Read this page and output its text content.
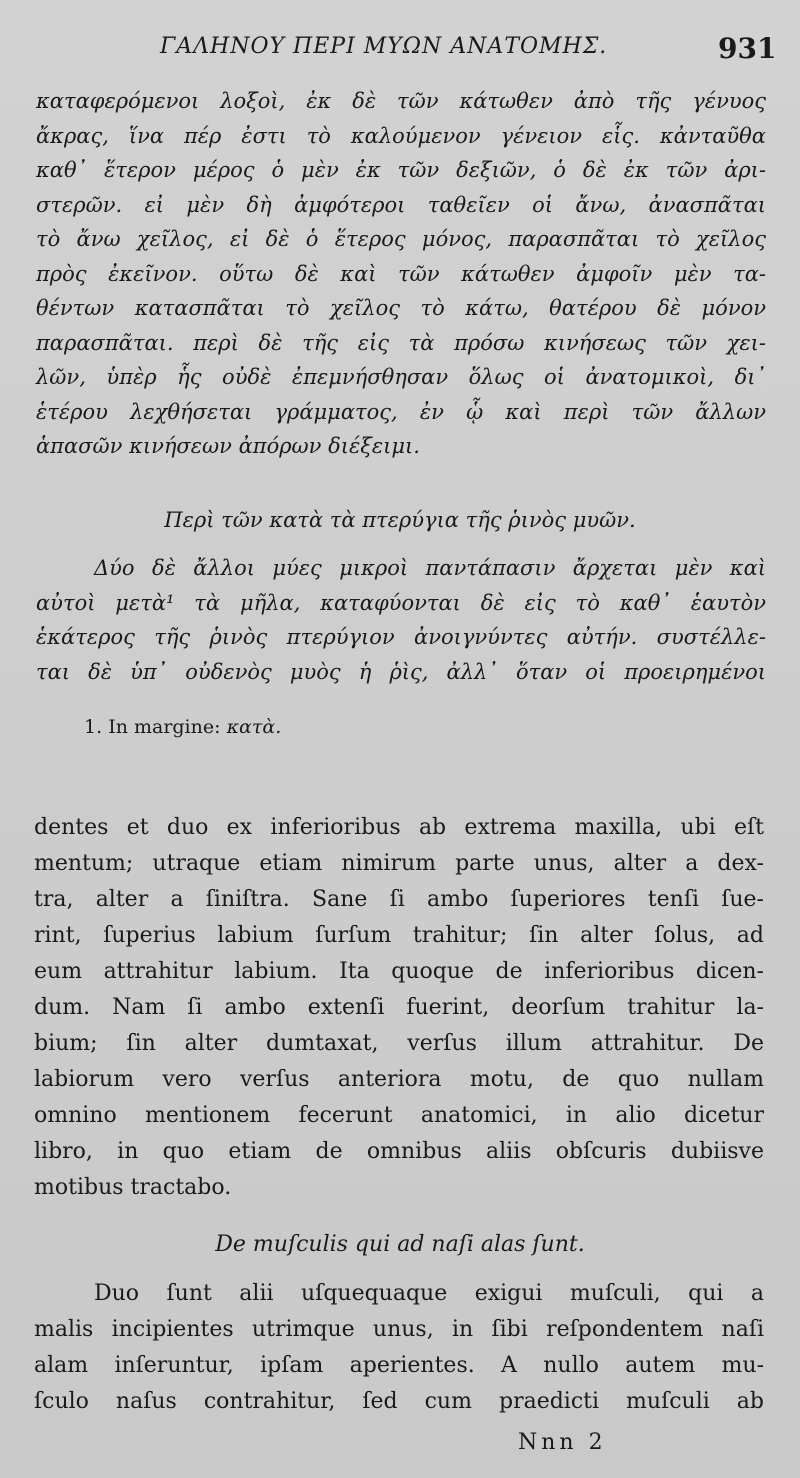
ΓΑΛΗΝΟΥ ΠΕΡΙ ΜΥΩΝ ΑΝΑΤΟΜΗΣ.	931
καταφερόμενοι λοξοὶ, ἐκ δὲ τῶν κάτωθεν ἀπὸ τῆς γένυος
ἄκρας, ἵνα πέρ ἐστι τὸ καλούμενον γένειον εἷς. κἀνταῦθα
καθ᾽ ἕτερον μέρος ὁ μὲν ἐκ τῶν δεξιῶν, ὁ δὲ ἐκ τῶν ἀρι-
στερῶν. εἰ μὲν δὴ ἀμφότεροι ταθεῖεν οἱ ἄνω, ἀνασπᾶται
τὸ ἄνω χεῖλος, εἰ δὲ ὁ ἕτερος μόνος, παρασπᾶται τὸ χεῖλος
πρὸς ἐκεῖνον. οὕτω δὲ καὶ τῶν κάτωθεν ἀμφοῖν μὲν τα-
θέντων κατασπᾶται τὸ χεῖλος τὸ κάτω, θατέρου δὲ μόνον
παρασπᾶται. περὶ δὲ τῆς εἰς τὰ πρόσω κινήσεως τῶν χει-
λῶν, ὑπὲρ ἧς οὐδὲ ἐπεμνήσθησαν ὅλως οἱ ἀνατομικοὶ, δι᾽
ἑτέρου λεχθήσεται γράμματος, ἐν ᾧ καὶ περὶ τῶν ἄλλων
ἁπασῶν κινήσεων ἀπόρων διέξειμι.
Περὶ τῶν κατὰ τὰ πτερύγια τῆς ῥινὸς μυῶν.
Δύο δὲ ἄλλοι μύες μικροὶ παντάπασιν ἄρχεται μὲν καὶ
αὐτοὶ μετὰ¹ τὰ μῆλα, καταφύονται δὲ εἰς τὸ καθ᾽ ἑαυτὸν
ἑκάτερος τῆς ῥινὸς πτερύγιον ἀνοιγνύντες αὐτήν. συστέλλε-
ται δὲ ὑπ᾽ οὐδενὸς μυὸς ἡ ῥὶς, ἀλλ᾽ ὅταν οἱ προειρημένοι
1. In margine: κατὰ.
dentes et duo ex inferioribus ab extrema maxilla, ubi eſt
mentum; utraque etiam nimirum parte unus, alter a dex-
tra, alter a ſiniſtra. Sane ſi ambo ſuperiores tenſi ſue-
rint, ſuperius labium ſurſum trahitur; ſin alter ſolus, ad
eum attrahitur labium. Ita quoque de inferioribus dicen-
dum. Nam ſi ambo extenſi fuerint, deorſum trahitur la-
bium; ſin alter dumtaxat, verſus illum attrahitur. De
labiorum vero verſus anteriora motu, de quo nullam
omnino mentionem fecerunt anatomici, in alio dicetur
libro, in quo etiam de omnibus aliis obſcuris dubiisve
motibus tractabo.
De muſculis qui ad naſi alas ſunt.
Duo ſunt alii uſquequaque exigui muſculi, qui a
malis incipientes utrimque unus, in ſibi reſpondentem naſi
alam inſeruntur, ipſam aperientes. A nullo autem mu-
ſculo naſus contrahitur, ſed cum praedicti muſculi ab
Nnn 2
